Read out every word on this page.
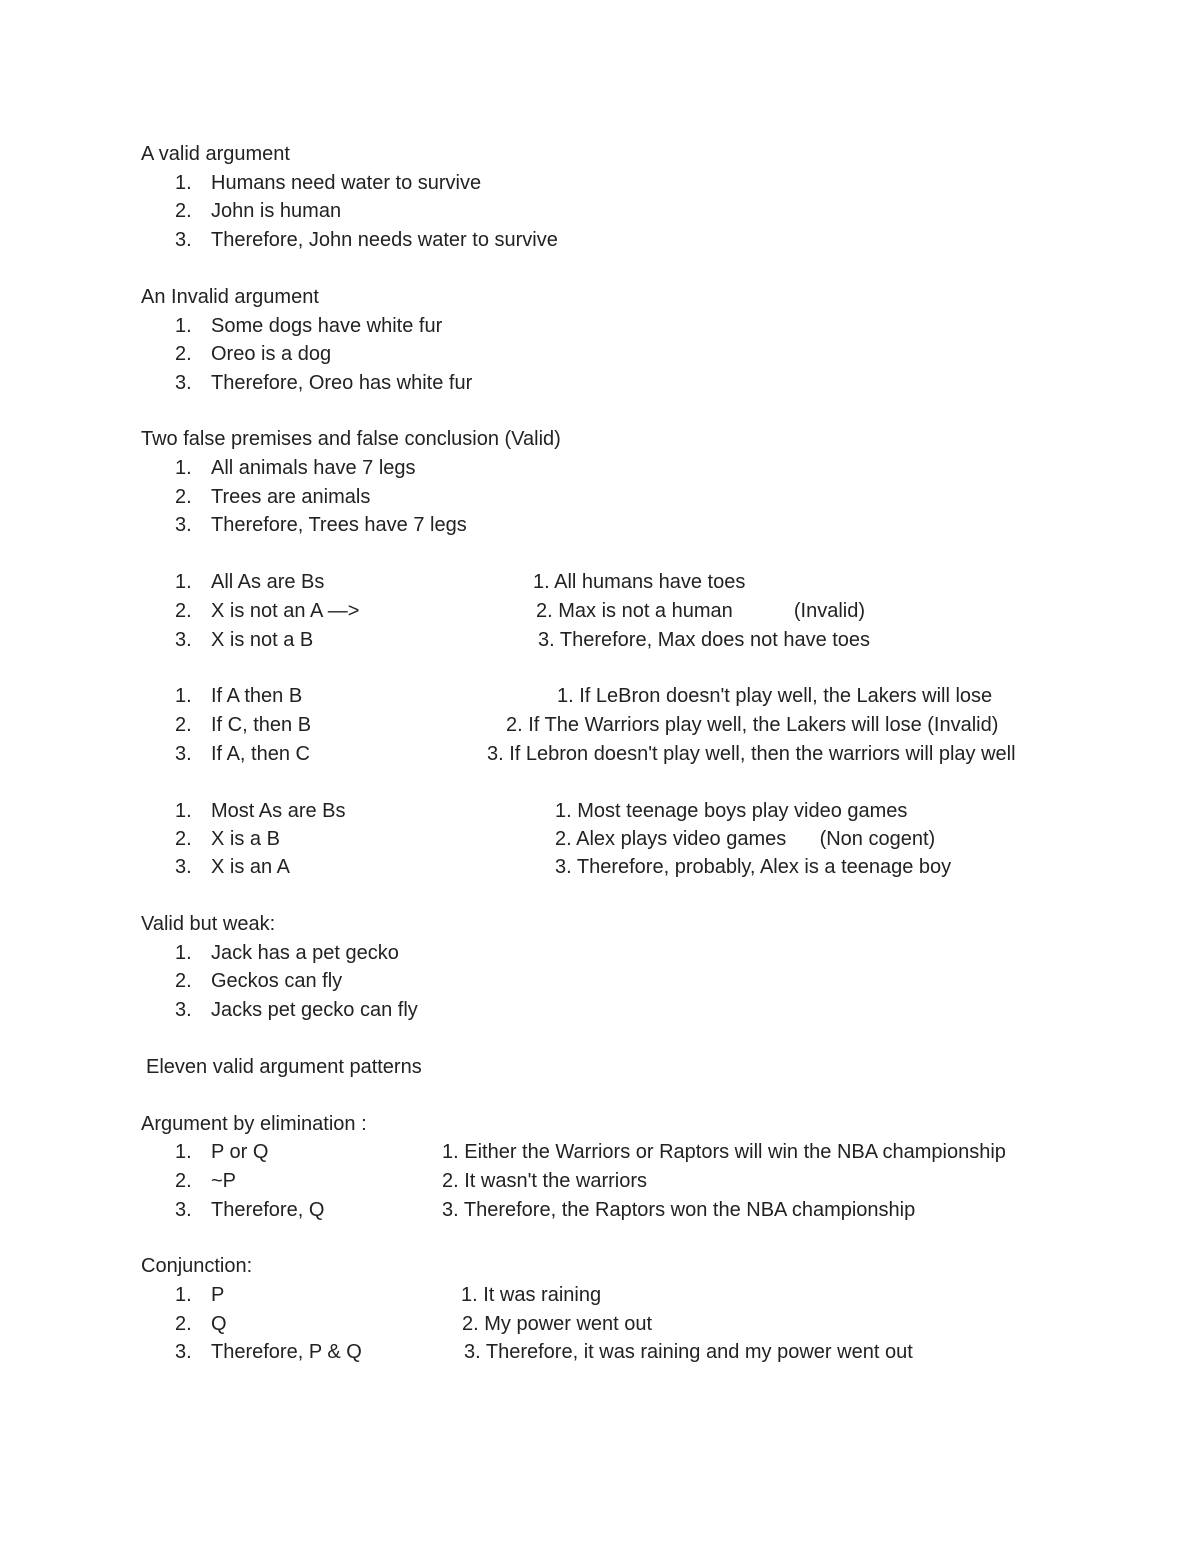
A valid argument
1. Humans need water to survive
2. John is human
3. Therefore, John needs water to survive
An Invalid argument
1. Some dogs have white fur
2. Oreo is a dog
3. Therefore, Oreo has white fur
Two false premises and false conclusion (Valid)
1. All animals have 7 legs
2. Trees are animals
3. Therefore, Trees have 7 legs
1. All As are Bs	1. All humans have toes
2. X is not an A —>	2. Max is not a human           (Invalid)
3. X is not a B	3. Therefore, Max does not have toes
1. If A then B	1. If LeBron doesn't play well, the Lakers will lose
2. If C, then B	2. If The Warriors play well, the Lakers will lose (Invalid)
3. If A, then C	3. If Lebron doesn't play well, then the warriors will play well
1. Most As are Bs	1. Most teenage boys play video games
2. X is a B	2. Alex plays video games      (Non cogent)
3. X is an A	3. Therefore, probably, Alex is a teenage boy
Valid but weak:
1. Jack has a pet gecko
2. Geckos can fly
3. Jacks pet gecko can fly
Eleven valid argument patterns
Argument by elimination :
1. P or Q	1. Either the Warriors or Raptors will win the NBA championship
2. ~P	2. It wasn't the warriors
3. Therefore, Q	3. Therefore, the Raptors won the NBA championship
Conjunction:
1. P	1. It was raining
2. Q	2. My power went out
3. Therefore, P & Q	3. Therefore, it was raining and my power went out
